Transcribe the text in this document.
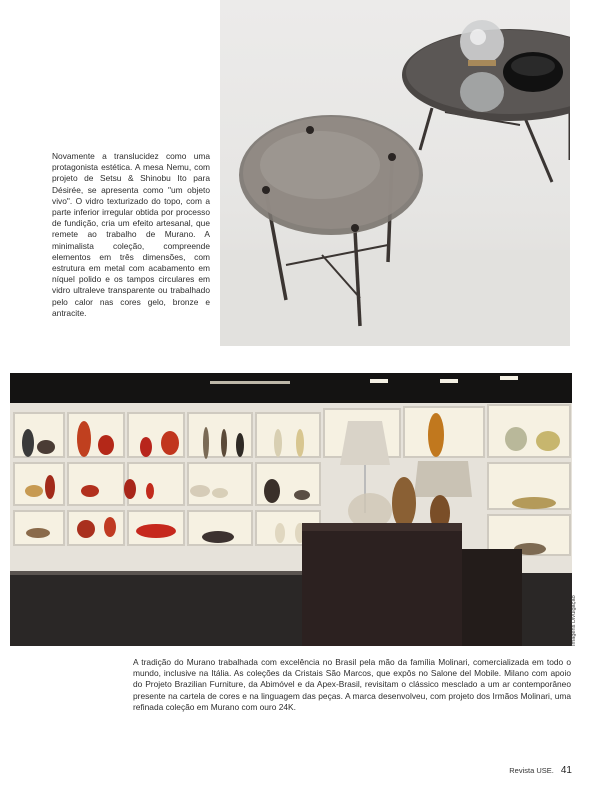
Novamente a translucidez como uma protagonista estética. A mesa Nemu, com projeto de Setsu & Shinobu Ito para Désirée, se apresenta como "um objeto vivo". O vidro texturizado do topo, com a parte inferior irregular obtida por processo de fundição, cria um efeito artesanal, que remete ao trabalho de Murano. A minimalista coleção, compreende elementos em três dimensões, com estrutura em metal com acabamento em níquel polido e os tampos circulares em vidro ultraleve transparente ou trabalhado pelo calor nas cores gelo, bronze e antracite.
Imagens Divulgação
A tradição do Murano trabalhada com excelência no Brasil pela mão da família Molinari, comercializada em todo o mundo, inclusive na Itália. As coleções da Cristais São Marcos, que expôs no Salone del Mobile. Milano com apoio do Projeto Brazilian Furniture, da Abimóvel e da Apex-Brasil, revisitam o clássico mesclado a um ar contemporâneo presente na cartela de cores e na linguagem das peças. A marca desenvolveu, com projeto dos Irmãos Molinari, uma refinada coleção em Murano com ouro 24K.
Revista USE. 41
